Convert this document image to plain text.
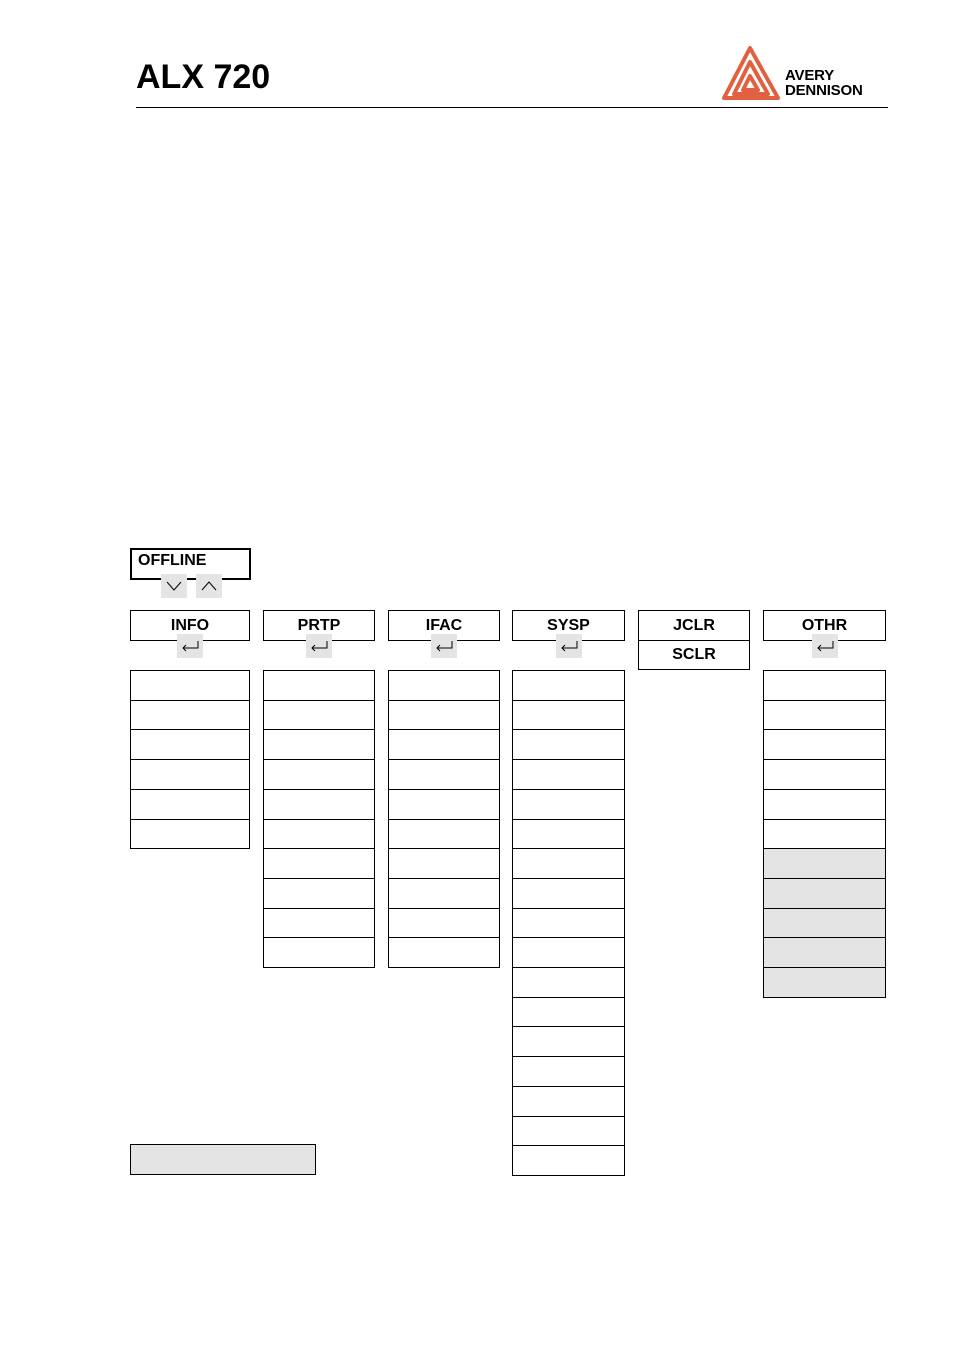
ALX 720	AVERY
DENNISON
OFFLINE
INFO	PRTP	IFAC	SYSP	JCLR
SCLR
OTHR
